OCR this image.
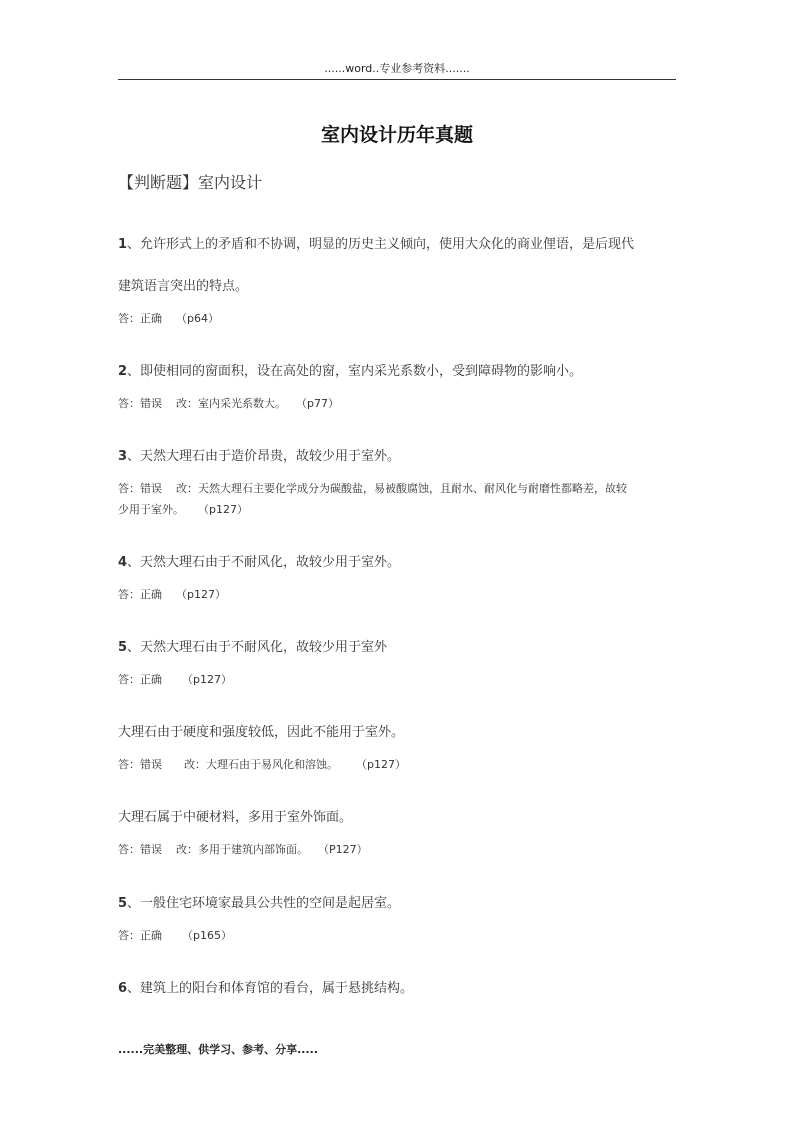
......word..专业参考资料.......
室内设计历年真题
【判断题】室内设计

1、允许形式上的矛盾和不协调，明显的历史主义倾向，使用大众化的商业俚语，是后现代

建筑语言突出的特点。

答：正确 （p64）

2、即使相同的窗面积，设在高处的窗，室内采光系数小，受到障碍物的影响小。

答：错误 改：室内采光系数大。 （p77）

3、天然大理石由于造价昂贵，故较少用于室外。

答：错误 改：天然大理石主要化学成分为碳酸盐，易被酸腐蚀，且耐水、耐风化与耐磨性都略差，故较

少用于室外。 （p127）

4、天然大理石由于不耐风化，故较少用于室外。

答：正确 （p127）

5、天然大理石由于不耐风化，故较少用于室外

答：正确 （p127）

大理石由于硬度和强度较低，因此不能用于室外。

答：错误 改：大理石由于易风化和溶蚀。 （p127）

大理石属于中硬材料，多用于室外饰面。

答：错误 改：多用于建筑内部饰面。 （P127）

5、一般住宅环境家最具公共性的空间是起居室。

答：正确 （p165）

6、建筑上的阳台和体育馆的看台，属于悬挑结构。

......完美整理、供学习、参考、分享.....
